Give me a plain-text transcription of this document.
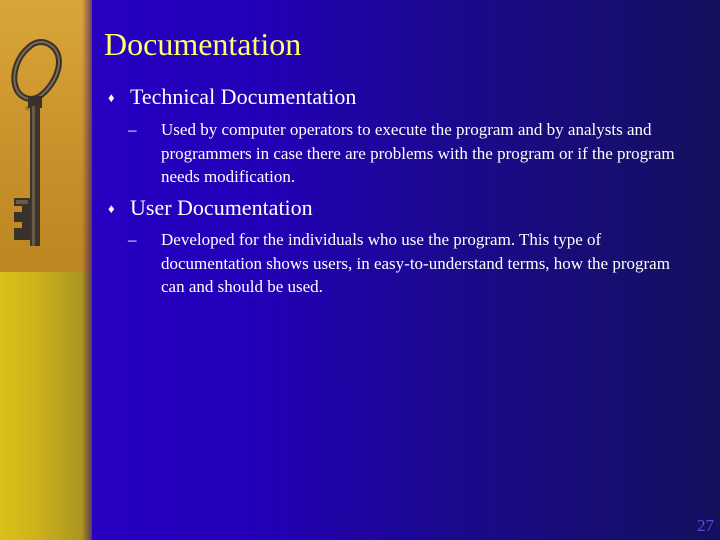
Documentation
♦ Technical Documentation
–	Used by computer operators to execute the program and by analysts and programmers in case there are problems with the program or if the program needs modification.
♦ User Documentation
–	Developed for the individuals who use the program. This type of documentation shows users, in easy-to-understand terms, how the program can and should be used.
27
